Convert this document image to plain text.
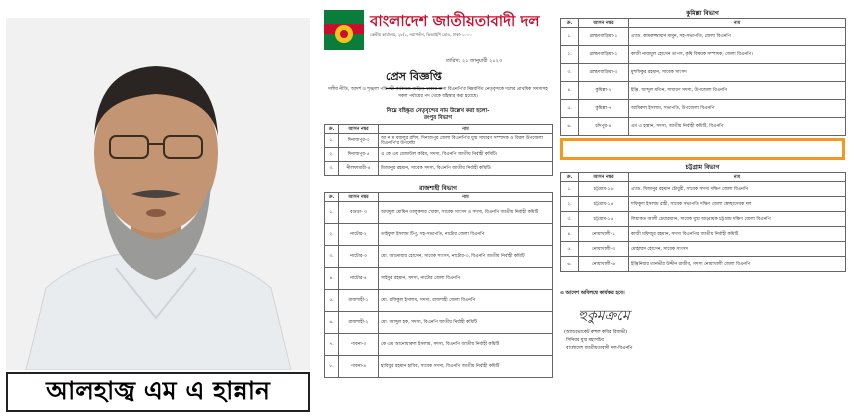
আলহাজ্ব এম এ হান্নান
বাংলাদেশ জাতীয়তাবাদী দল
কেন্দ্রীয় কার্যালয়, ২৮/১, নয়াপল্টন, ভিআইপি রোড, ঢাকা-১০০০
তারিখ: ২১ জানুয়ারী ২০২৩
প্রেস বিজ্ঞপ্তি
দলীয় নীতি, আদর্শ ও শৃঙ্খলা পরিপন্থী কর্মকান্ডে জড়িত থাকার জন্য বিএনপি'র নিম্নবর্ণিত নেতৃবৃন্দকে দলের প্রাথমিক সদস্যসহ সকল পর্যায়ের পদ থেকে বহিষ্কার করা হয়েছে।
নিম্নে বহিষ্কৃত নেতৃবৃন্দের নাম উল্লেখ করা হলো-
রংপুর বিভাগ
ক্র.	আসন নম্বর	নাম
১.	দিনাজপুর-৩	আ ন ম বজলুর রশিদ, দিনাজপুর জেলা বিএনপি'র যুগ্ম সাধারণ সম্পাদক ও বিরল উপজেলা বিএনপি'র উপদেষ্টা
২.	দিনাজপুর-৫	এ কে এম রেজাউল করিম, সদস্য, বিএনপি জাতীয় নির্বাহী কমিটি।
৩.	নীলফামারী-৪	মিজানুর রহমান, সাবেক সদস্য, বিএনপি জাতীয় নির্বাহী কমিটি।
রাজশাহী বিভাগ
ক্র.	আসন নম্বর	নাম
১.	বগুড়া- ৩	আবদুল মোমিন তালুকদার খোকা, সাবেক সাংসদ ও সদস্য, বিএনপি জাতীয় নির্বাহী কমিটি
২.	নাটোর-২	তাইফুল ইসলাম টিপু, সহ-সভাপতি, নাটোর জেলা বিএনপি
৩.	নাটোর-৩	মো. আনোয়ার হোসেন, সাবেক সাংসদ, নাটোর-৩, বিএনপি জাতীয় নির্বাহী কমিটি
৪.	নাটোর-৪	সাইদুর রহমান, সদস্য, নাটোর জেলা বিএনপি
৫.	রাজশাহী-১	মো. রফিকুল ইসলাম, সদস্য, রাজশাহী জেলা বিএনপি
৬.	রাজশাহী-২	মো. আব্দুল হক, সদস্য, বিএনপি জাতীয় নির্বাহী কমিটি
৭.	পাবনা-৩	কে এম আনোয়ারুল ইসলাম, সদস্য, বিএনপি জাতীয় নির্বাহী কমিটি
৮.	পাবনা-৪	হাবিবুর রহমান হাবিব, সাবেক সদস্য, বিএনপি জাতীয় নির্বাহী কমিটি
কুমিল্লা বিভাগ
ক্র.	আসন নম্বর	নাম
১.	ব্রাহ্মণবাড়িয়া-১	এ্যাড. কামরুজ্জামান মামুন, সহ-সভাপতি, জেলা বিএনপি
২.	ব্রাহ্মণবাড়িয়া-২	কাজী নাজমুল হোসেন তাপস, কৃষি বিষয়ক সম্পাদক, জেলা বিএনপি।
৩.	ব্রাহ্মণবাড়িয়া-৩	মুশফিকুর রহমান, সাবেক সাংসদ
৪.	কুমিল্লা-২	ইঞ্জি. আব্দুল মতিন, সাধারণ সদস্য, উপজেলা বিএনপি
৫.	কুমিল্লা-৭	আমিরুল ইসলাম, সভাপতি, উপজেলা বিএনপি
৬.	চাঁদপুর-৪	এম এ হান্নান, সদস্য, জাতীয় নির্বাহী কমিটি, বিএনপি
চট্টগ্রাম বিভাগ
ক্র.	আসন নম্বর	নাম
১.	চট্টগ্রাম-১৬	এ্যাড. মিজানুর রহমান চৌধুরী, সাবেক সদস্য দক্ষিণ জেলা বিএনপি
২.	চট্টগ্রাম-১৪	শফিকুল ইসলাম রাহী, সাবেক সভাপতি দক্ষিণ জেলা স্বেচ্ছাসেবক দল
৩.	চট্টগ্রাম-১৫	লিয়াকত আলী চেয়ারম্যান, সাবেক যুগ্ম আহ্বায়ক চট্টগ্রাম দক্ষিণ জেলা বিএনপি
৪.	নোয়াখালী-১	কাজী মফিজুর রহমান, সদস্য বিএনপির জাতীয় নির্বাহী কমিটি
৫.	নোয়াখালী-৩	মোহাম্মদ হোসেন, সাবেক সাংসদ
৬.	নোয়াখালী-৬	ইঞ্জিনিয়ার তানভীর উদ্দীন রাজীব, সদস্য নোয়াখালী জেলা বিএনপি
এ আদেশ অবিলম্বে কার্যকর হবে।
হুকুমক্রমে
(অ্যাডভোকেট রুহুল কবির রিজভী)
সিনিয়র যুগ্ম মহাসচিব
বাংলাদেশ জাতীয়তাবাদী দল-বিএনপি
